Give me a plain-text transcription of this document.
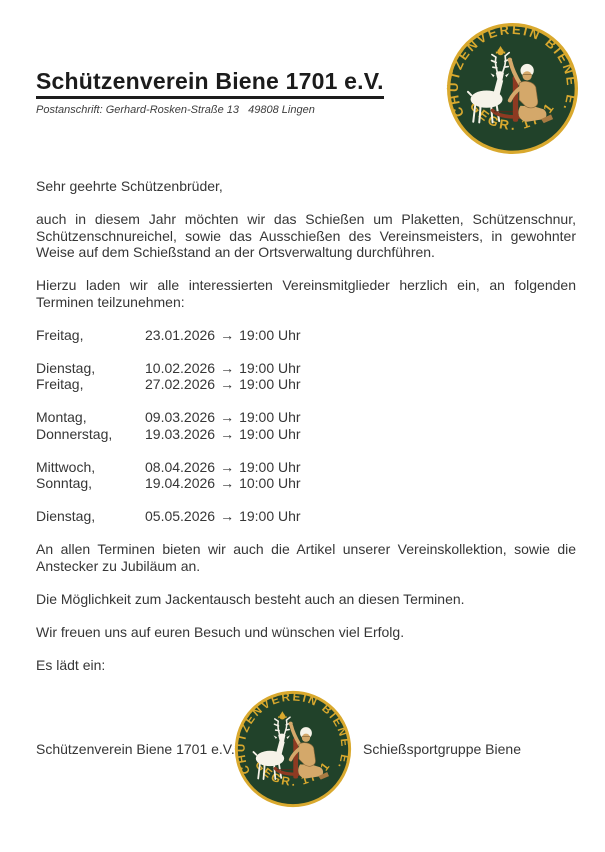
Schützenverein Biene 1701 e.V.

Postanschrift: Gerhard-Rosken-Straße 13   49808 Lingen

Sehr geehrte Schützenbrüder,

auch in diesem Jahr möchten wir das Schießen um Plaketten, Schützenschnur, Schützenschnureichel, sowie das Ausschießen des Vereinsmeisters, in gewohnter Weise auf dem Schießstand an der Ortsverwaltung durchführen.

Hierzu laden wir alle interessierten Vereinsmitglieder herzlich ein, an folgenden Terminen teilzunehmen:

Freitag,	23.01.2026 → 19:00 Uhr
Dienstag,	10.02.2026 → 19:00 Uhr
Freitag,	27.02.2026 → 19:00 Uhr
Montag,	09.03.2026 → 19:00 Uhr
Donnerstag,	19.03.2026 → 19:00 Uhr
Mittwoch,	08.04.2026 → 19:00 Uhr
Sonntag,	19.04.2026 → 10:00 Uhr
Dienstag,	05.05.2026 → 19:00 Uhr

An allen Terminen bieten wir auch die Artikel unserer Vereinskollektion, sowie die Anstecker zu Jubiläum an.

Die Möglichkeit zum Jackentausch besteht auch an diesen Terminen.

Wir freuen uns auf euren Besuch und wünschen viel Erfolg.

Es lädt ein:

Schützenverein Biene 1701 e.V.	Schießsportgruppe Biene
